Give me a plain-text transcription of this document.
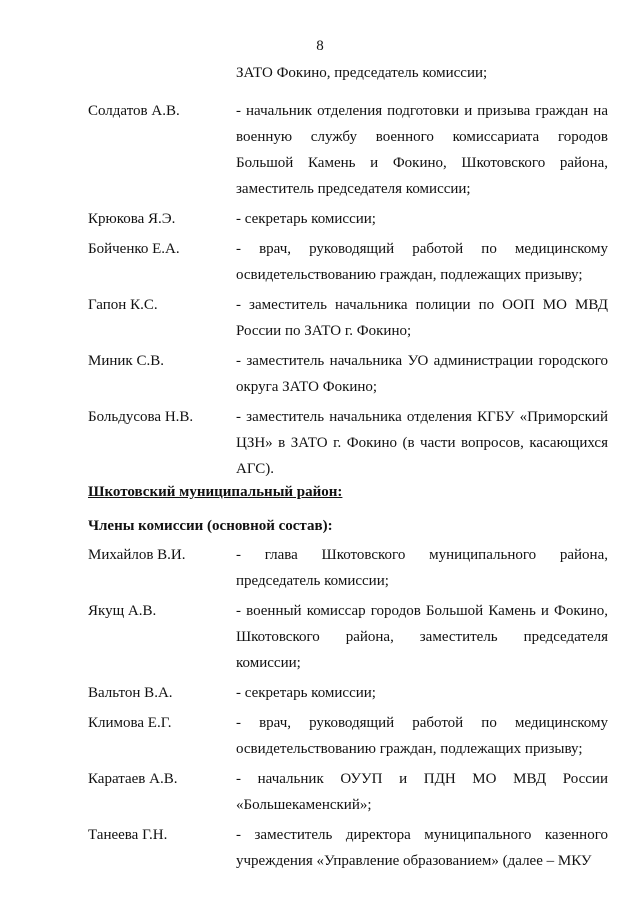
8
ЗАТО Фокино, председатель комиссии;
Солдатов А.В.	- начальник отделения подготовки и призыва граждан на военную службу военного комиссариата городов Большой Камень и Фокино, Шкотовского района, заместитель председателя комиссии;
Крюкова Я.Э.	- секретарь комиссии;
Бойченко Е.А.	- врач, руководящий работой по медицинскому освидетельствованию граждан, подлежащих призыву;
Гапон К.С.	- заместитель начальника полиции по ООП МО МВД России по ЗАТО г. Фокино;
Миник С.В.	- заместитель начальника УО администрации городского округа ЗАТО Фокино;
Больдусова Н.В.	- заместитель начальника отделения КГБУ «Приморский ЦЗН» в ЗАТО г. Фокино (в части вопросов, касающихся АГС).
Шкотовский муниципальный район:
Члены комиссии (основной состав):
Михайлов В.И.	- глава Шкотовского муниципального района, председатель комиссии;
Якущ А.В.	- военный комиссар городов Большой Камень и Фокино, Шкотовского района, заместитель председателя комиссии;
Вальтон В.А.	- секретарь комиссии;
Климова Е.Г.	- врач, руководящий работой по медицинскому освидетельствованию граждан, подлежащих призыву;
Каратаев А.В.	- начальник ОУУП и ПДН МО МВД России «Большекаменский»;
Танеева Г.Н.	- заместитель директора муниципального казенного учреждения «Управление образованием» (далее – МКУ
